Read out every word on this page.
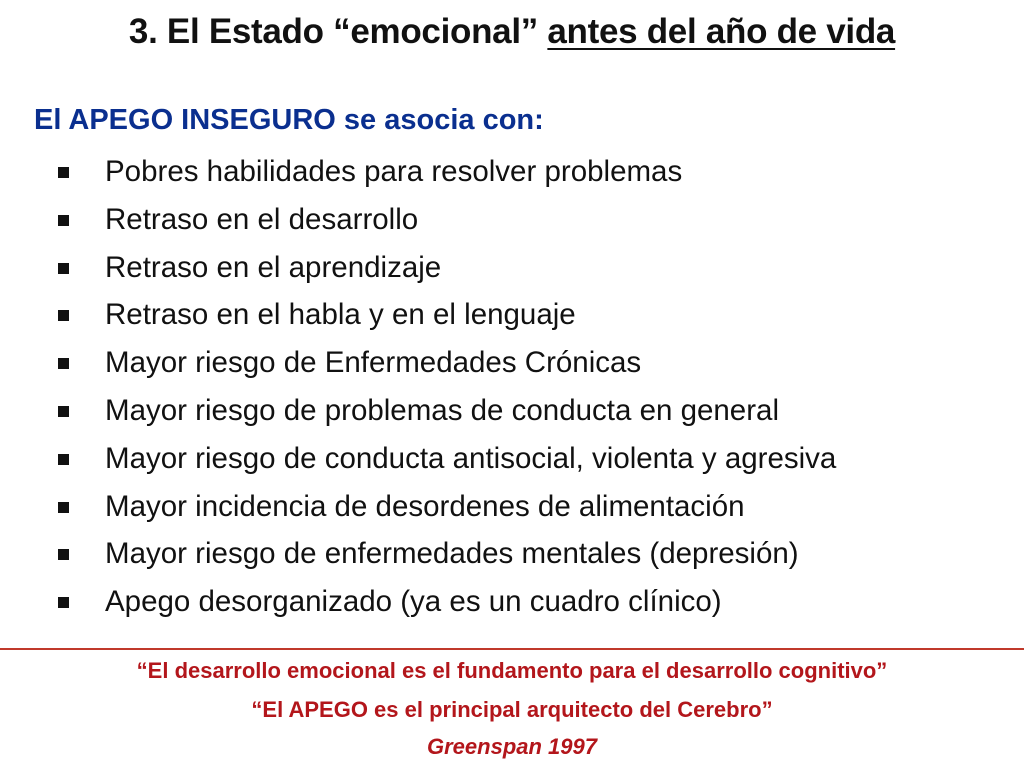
3. El Estado “emocional” antes del año de vida
El APEGO INSEGURO se asocia con:
Pobres habilidades para resolver problemas
Retraso en el desarrollo
Retraso en el aprendizaje
Retraso en el habla y en el lenguaje
Mayor riesgo de Enfermedades Crónicas
Mayor riesgo de problemas de conducta en general
Mayor riesgo de conducta antisocial, violenta y agresiva
Mayor incidencia de desordenes de alimentación
Mayor riesgo de enfermedades mentales (depresión)
Apego desorganizado (ya es un cuadro clínico)
“El desarrollo emocional es el fundamento para el desarrollo cognitivo”
“El APEGO es el principal arquitecto del Cerebro”
Greenspan 1997
